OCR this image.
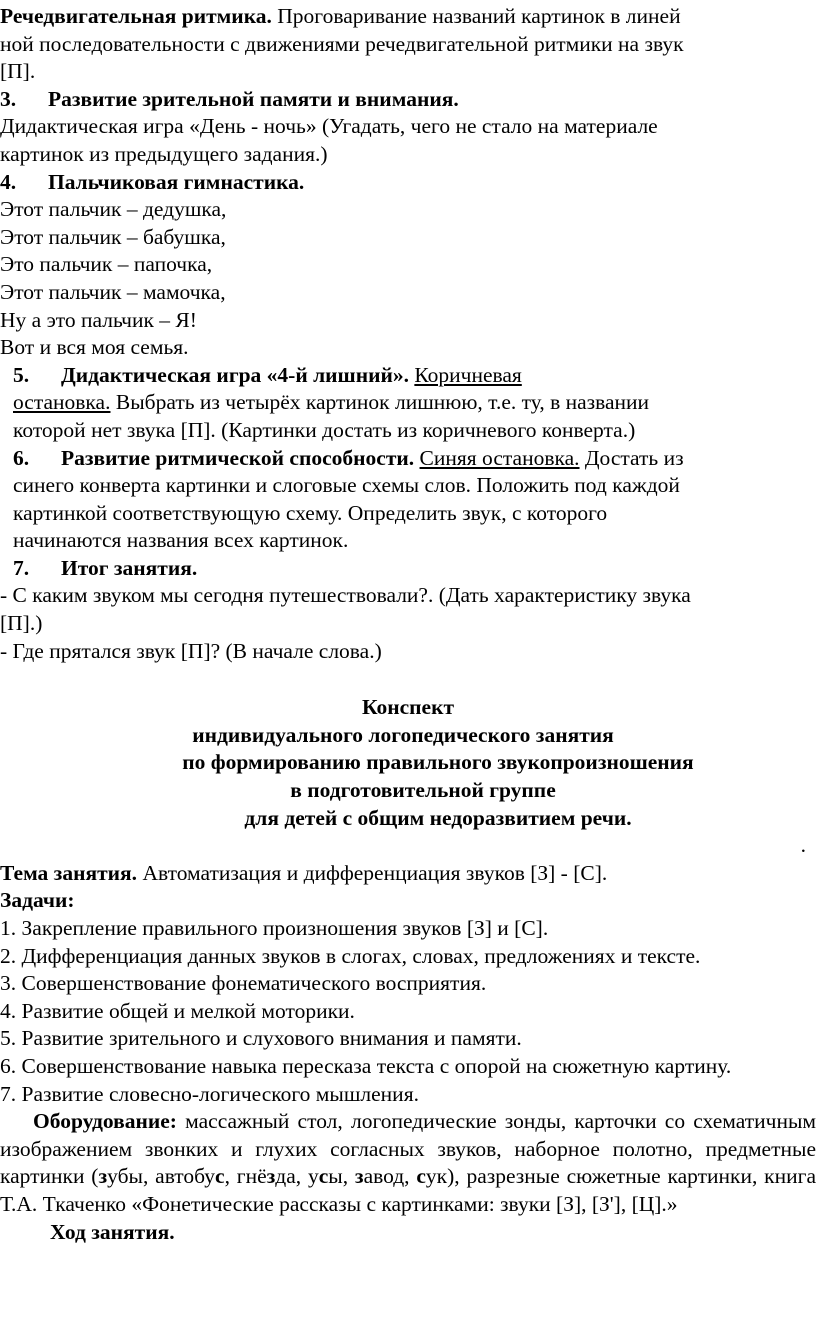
Речедвигательная ритмика. Проговаривание названий картинок в линей
ной последовательности с движениями речедвигательной ритмики на звук
[П].

3. Развитие зрительной памяти и внимания.

Дидактическая игра «День - ночь» (Угадать, чего не стало на материале
картинок из предыдущего задания.)

4. Пальчиковая гимнастика.

Этот пальчик – дедушка,

Этот пальчик – бабушка,

Это пальчик – папочка,

Этот пальчик – мамочка,

Ну а это пальчик – Я!

Вот и вся моя семья.

5. Дидактическая игра «4-й лишний». Коричневая
остановка. Выбрать из четырёх картинок лишнюю, т.е. ту, в названии
которой нет звука [П]. (Картинки достать из коричневого конверта.)

6. Развитие ритмической способности. Синяя остановка. Достать из
синего конверта картинки и слоговые схемы слов. Положить под каждой
картинкой соответствующую схему. Определить звук, с которого
начинаются названия всех картинок.

7. Итог занятия.

- С каким звуком мы сегодня путешествовали?. (Дать характеристику звука
[П].)

- Где прятался звук [П]? (В начале слова.)

Конспект

индивидуального логопедического занятия

по формированию правильного звукопроизношения

в подготовительной группе

для детей с общим недоразвитием речи.

.

Тема занятия. Автоматизация и дифференциация звуков [З] - [С].

Задачи:

1. Закрепление правильного произношения звуков [З] и [С].

2. Дифференциация данных звуков в слогах, словах, предложениях и тексте.

3. Совершенствование фонематического восприятия.

4. Развитие общей и мелкой моторики.

5. Развитие зрительного и слухового внимания и памяти.

6. Совершенствование навыка пересказа текста с опорой на сюжетную картину.

7. Развитие словесно-логического мышления.

Оборудование: массажный стол, логопедические зонды, карточки со схематичным изображением звонких и глухих согласных звуков, наборное полотно, предметные картинки (зубы, автобус, гнёзда, усы, завод, сук), разрезные сюжетные картинки, книга Т.А. Ткаченко «Фонетические рассказы с картинками: звуки [З], [З'], [Ц].»

Ход занятия.
